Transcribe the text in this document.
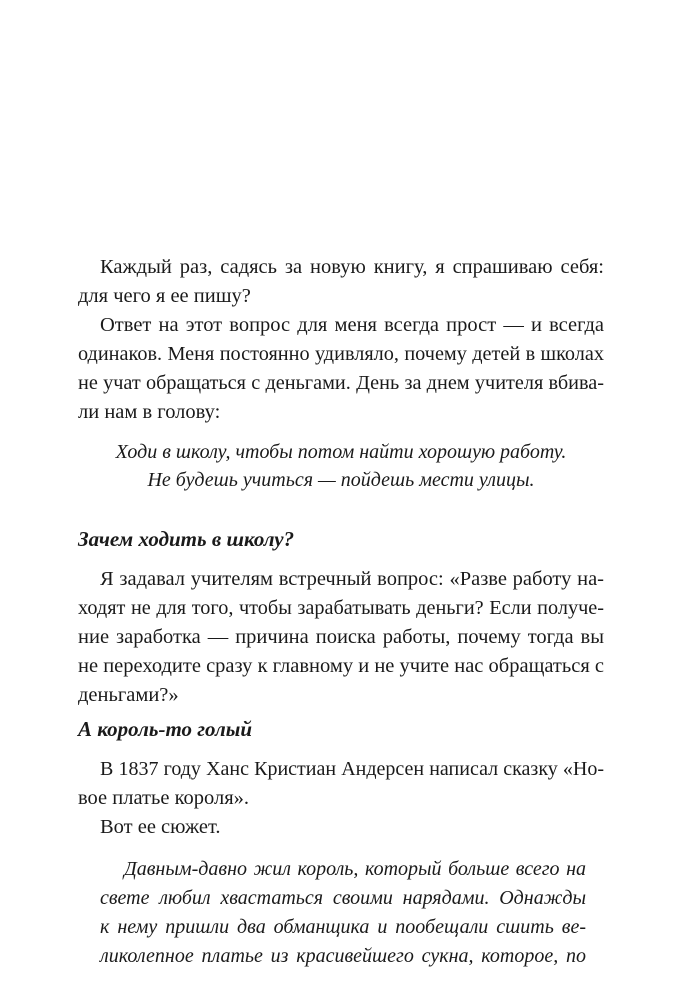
Каждый раз, садясь за новую книгу, я спрашиваю себя:
для чего я ее пишу?
Ответ на этот вопрос для меня всегда прост — и всегда
одинаков. Меня постоянно удивляло, почему детей в школах
не учат обращаться с деньгами. День за днем учителя вбива-
ли нам в голову:
Ходи в школу, чтобы потом найти хорошую работу.
Не будешь учиться — пойдешь мести улицы.
Зачем ходить в школу?
Я задавал учителям встречный вопрос: «Разве работу на-
ходят не для того, чтобы зарабатывать деньги? Если получе-
ние заработка — причина поиска работы, почему тогда вы
не переходите сразу к главному и не учите нас обращаться с
деньгами?»
А король-то голый
В 1837 году Ханс Кристиан Андерсен написал сказку «Но-
вое платье короля».
Вот ее сюжет.
Давным-давно жил король, который больше всего на
свете любил хвастаться своими нарядами. Однажды
к нему пришли два обманщика и пообещали сшить ве-
ликолепное платье из красивейшего сукна, которое, по
